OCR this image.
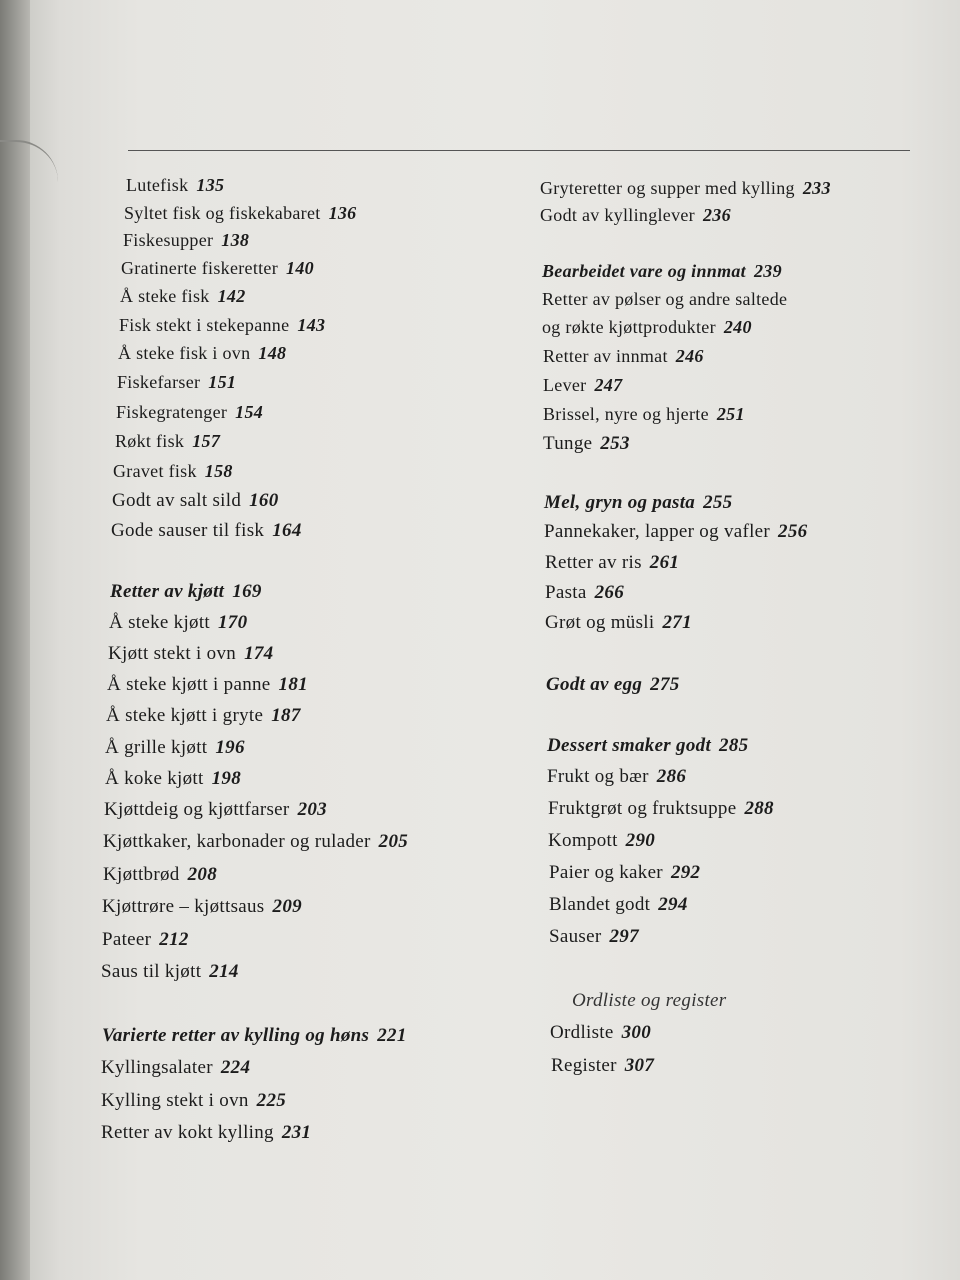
Lutefisk 135
Syltet fisk og fiskekabaret 136
Fiskesupper 138
Gratinerte fiskeretter 140
Å steke fisk 142
Fisk stekt i stekepanne 143
Å steke fisk i ovn 148
Fiskefarser 151
Fiskegratenger 154
Røkt fisk 157
Gravet fisk 158
Godt av salt sild 160
Gode sauser til fisk 164
Retter av kjøtt 169
Å steke kjøtt 170
Kjøtt stekt i ovn 174
Å steke kjøtt i panne 181
Å steke kjøtt i gryte 187
Å grille kjøtt 196
Å koke kjøtt 198
Kjøttdeig og kjøttfarser 203
Kjøttkaker, karbonader og rulader 205
Kjøttbrød 208
Kjøttrøre – kjøttsaus 209
Pateer 212
Saus til kjøtt 214
Varierte retter av kylling og høns 221
Kyllingsalater 224
Kylling stekt i ovn 225
Retter av kokt kylling 231
Gryteretter og supper med kylling 233
Godt av kyllinglever 236
Bearbeidet vare og innmat 239
Retter av pølser og andre saltede
og røkte kjøttprodukter 240
Retter av innmat 246
Lever 247
Brissel, nyre og hjerte 251
Tunge 253
Mel, gryn og pasta 255
Pannekaker, lapper og vafler 256
Retter av ris 261
Pasta 266
Grøt og müsli 271
Godt av egg 275
Dessert smaker godt 285
Frukt og bær 286
Fruktgrøt og fruktsuppe 288
Kompott 290
Paier og kaker 292
Blandet godt 294
Sauser 297
Ordliste og register
Ordliste 300
Register 307
